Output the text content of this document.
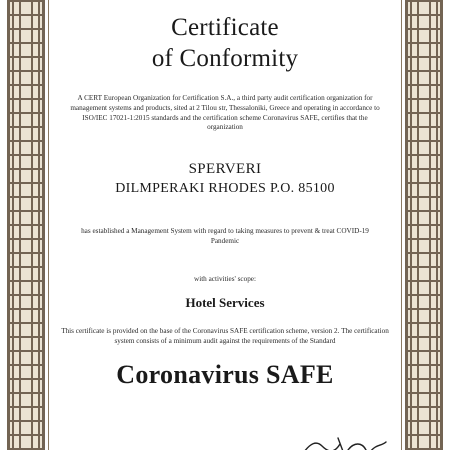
Certificate
of Conformity

A CERT European Organization for Certification S.A., a third party audit certification organization for management systems and products, sited at 2 Tilou str, Thessaloniki, Greece and operating in accordance to ISO/IEC 17021-1:2015 standards and the certification scheme Coronavirus SAFE, certifies that the organization

SPERVERI
DILMPERAKI RHODES P.O. 85100

has established a Management System with regard to taking measures to prevent & treat COVID-19 Pandemic

with activities' scope:
Hotel Services

This certificate is provided on the base of the Coronavirus SAFE certification scheme, version 2. The certification system consists of a minimum audit against the requirements of the Standard

Coronavirus SAFE
